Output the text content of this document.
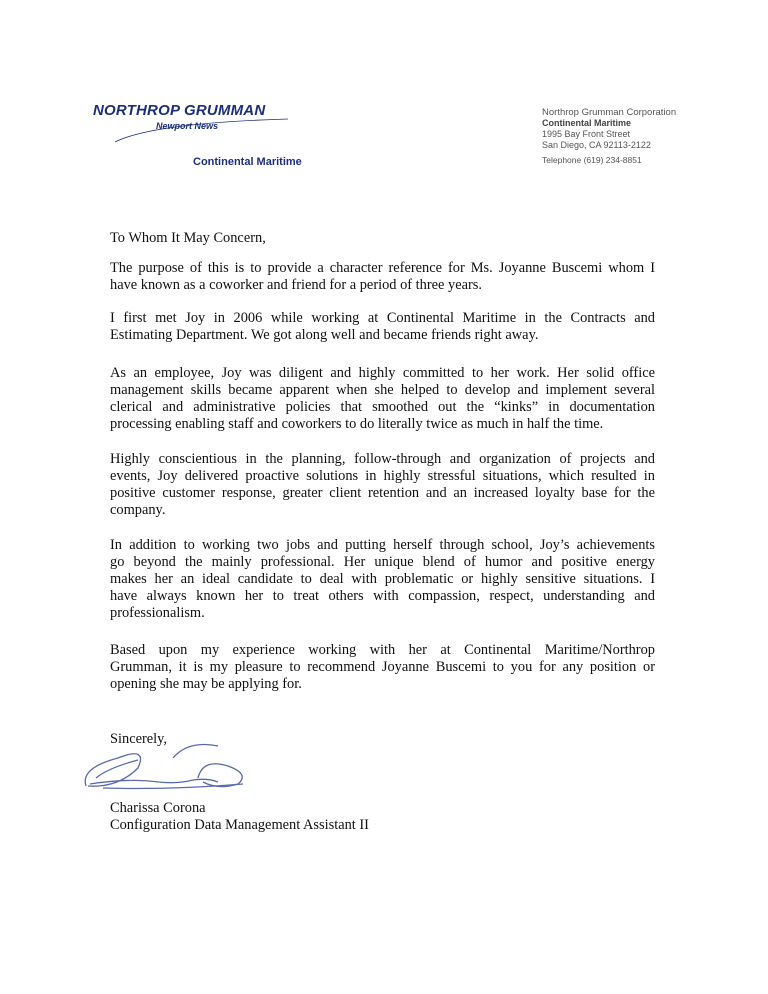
NORTHROP GRUMMAN
Newport News
Continental Maritime
Northrop Grumman Corporation
Continental Maritime
1995 Bay Front Street
San Diego, CA 92113-2122
Telephone (619) 234-8851
To Whom It May Concern,
The purpose of this is to provide a character reference for Ms. Joyanne Buscemi whom I
have known as a coworker and friend for a period of three years.
I first met Joy in 2006 while working at Continental Maritime in the Contracts and
Estimating Department. We got along well and became friends right away.
As an employee, Joy was diligent and highly committed to her work. Her solid office
management skills became apparent when she helped to develop and implement several
clerical and administrative policies that smoothed out the “kinks” in documentation
processing enabling staff and coworkers to do literally twice as much in half the time.
Highly conscientious in the planning, follow-through and organization of projects and
events, Joy delivered proactive solutions in highly stressful situations, which resulted in
positive customer response, greater client retention and an increased loyalty base for the
company.
In addition to working two jobs and putting herself through school, Joy’s achievements
go beyond the mainly professional. Her unique blend of humor and positive energy
makes her an ideal candidate to deal with problematic or highly sensitive situations. I
have always known her to treat others with compassion, respect, understanding and
professionalism.
Based upon my experience working with her at Continental Maritime/Northrop
Grumman, it is my pleasure to recommend Joyanne Buscemi to you for any position or
opening she may be applying for.
Sincerely,
Charissa Corona
Configuration Data Management Assistant II
